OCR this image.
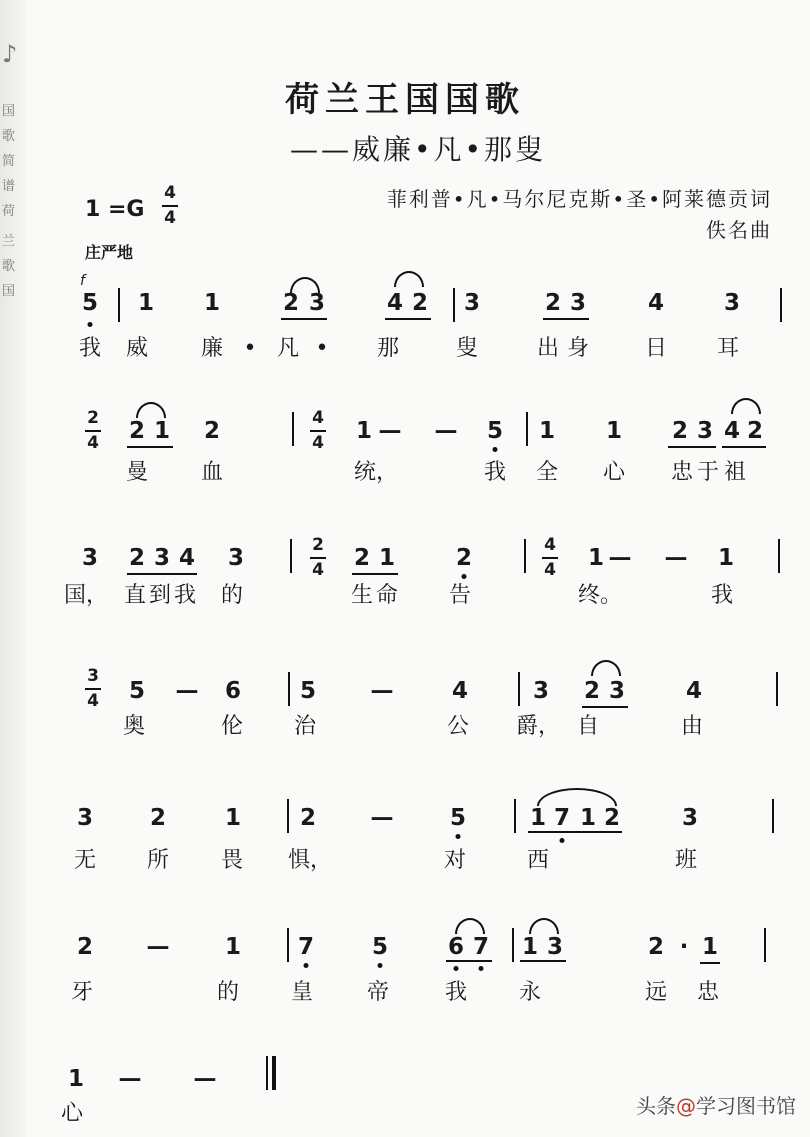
♪
国
歌
简
谱
荷
兰
歌
国
荷兰王国国歌
——威廉•凡•那叟
菲利普•凡•马尔尼克斯•圣•阿莱德贡词
佚名曲
1 =G
4
4
庄严地
f
5 1 1	2 3	4 2 3	2 3	4	3
我 威 廉 • 凡 • 那	叟	出 身	日 耳
2
4 2 1 2	4
4 1 — — 5 1 1 2 3 4 2
曼 血	统，	我 全 心 忠 于 祖
3 2 3 4 3	2
4 2 1	2	4
4 1 — — 1
国， 直 到 我 的	生 命 告	终。	我
3
4 5 — 6	5 —	4	3 2 3	4
奥	伦 治	公 爵， 自	由
3 2	1	2 — 5	1 7 1 2	3
无 所 畏 惧，	对	西	班
2 — 1 7	5	6 7 1 3	2 · 1
牙	的 皇 帝	我 永	远 忠
1 — —
心	头条@学习图书馆
